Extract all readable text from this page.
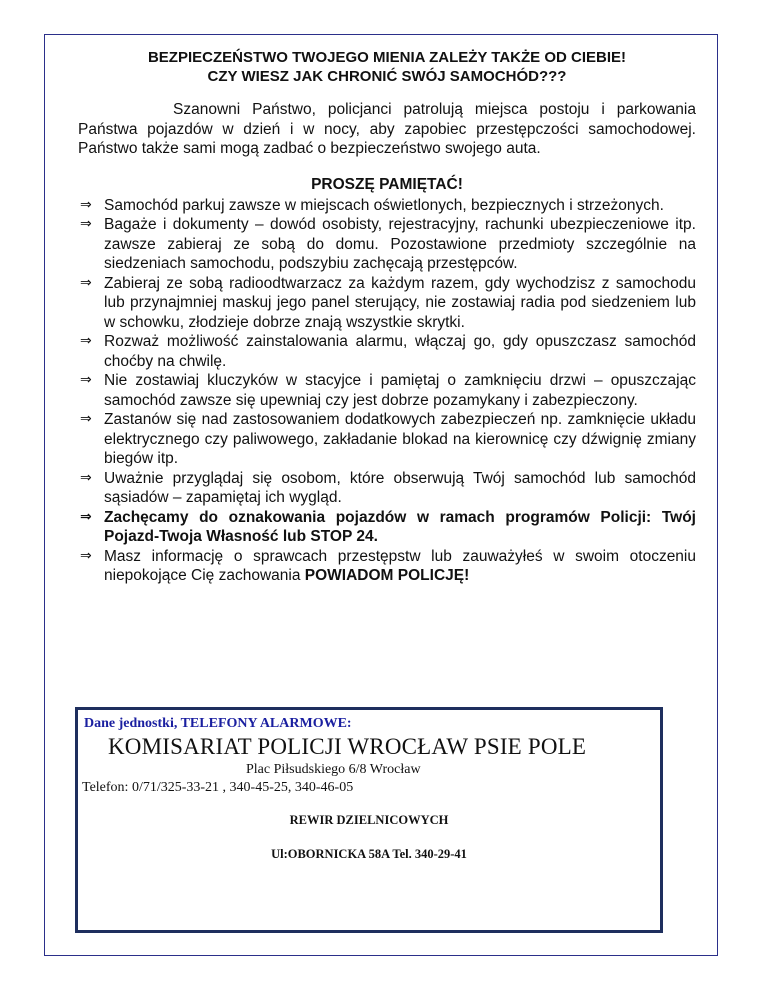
BEZPIECZEŃSTWO TWOJEGO MIENIA ZALEŻY TAKŻE OD CIEBIE!

CZY WIESZ JAK CHRONIĆ SWÓJ SAMOCHÓD???

Szanowni Państwo, policjanci patrolują miejsca postoju i parkowania Państwa pojazdów w dzień i w nocy, aby zapobiec przestępczości samochodowej. Państwo także sami mogą zadbać o bezpieczeństwo swojego auta.
PROSZĘ PAMIĘTAĆ!
⇒ Samochód parkuj zawsze w miejscach oświetlonych, bezpiecznych i strzeżonych.
⇒ Bagaże i dokumenty – dowód osobisty, rejestracyjny, rachunki ubezpieczeniowe itp. zawsze zabieraj ze sobą do domu. Pozostawione przedmioty szczególnie na siedzeniach samochodu, podszybiu zachęcają przestępców.
⇒ Zabieraj ze sobą radioodtwarzacz za każdym razem, gdy wychodzisz z samochodu lub przynajmniej maskuj jego panel sterujący, nie zostawiaj radia pod siedzeniem lub w schowku, złodzieje dobrze znają wszystkie skrytki.
⇒ Rozważ możliwość zainstalowania alarmu, włączaj go, gdy opuszczasz samochód choćby na chwilę.
⇒ Nie zostawiaj kluczyków w stacyjce i pamiętaj o zamknięciu drzwi – opuszczając samochód zawsze się upewniaj czy jest dobrze pozamykany i zabezpieczony.
⇒ Zastanów się nad zastosowaniem dodatkowych zabezpieczeń np. zamknięcie układu elektrycznego czy paliwowego, zakładanie blokad na kierownicę czy dźwignię zmiany biegów itp.
⇒ Uważnie przyglądaj się osobom, które obserwują Twój samochód lub samochód sąsiadów – zapamiętaj ich wygląd.
⇒ Zachęcamy do oznakowania pojazdów w ramach programów Policji: Twój Pojazd-Twoja Własność lub STOP 24.
⇒ Masz informację o sprawcach przestępstw lub zauważyłeś w swoim otoczeniu niepokojące Cię zachowania POWIADOM POLICJĘ!
Dane jednostki, TELEFONY ALARMOWE:
KOMISARIAT POLICJI WROCŁAW PSIE POLE
Plac Piłsudskiego 6/8 Wrocław
Telefon: 0/71/325-33-21 , 340-45-25, 340-46-05
REWIR DZIELNICOWYCH
Ul:OBORNICKA 58A Tel. 340-29-41
